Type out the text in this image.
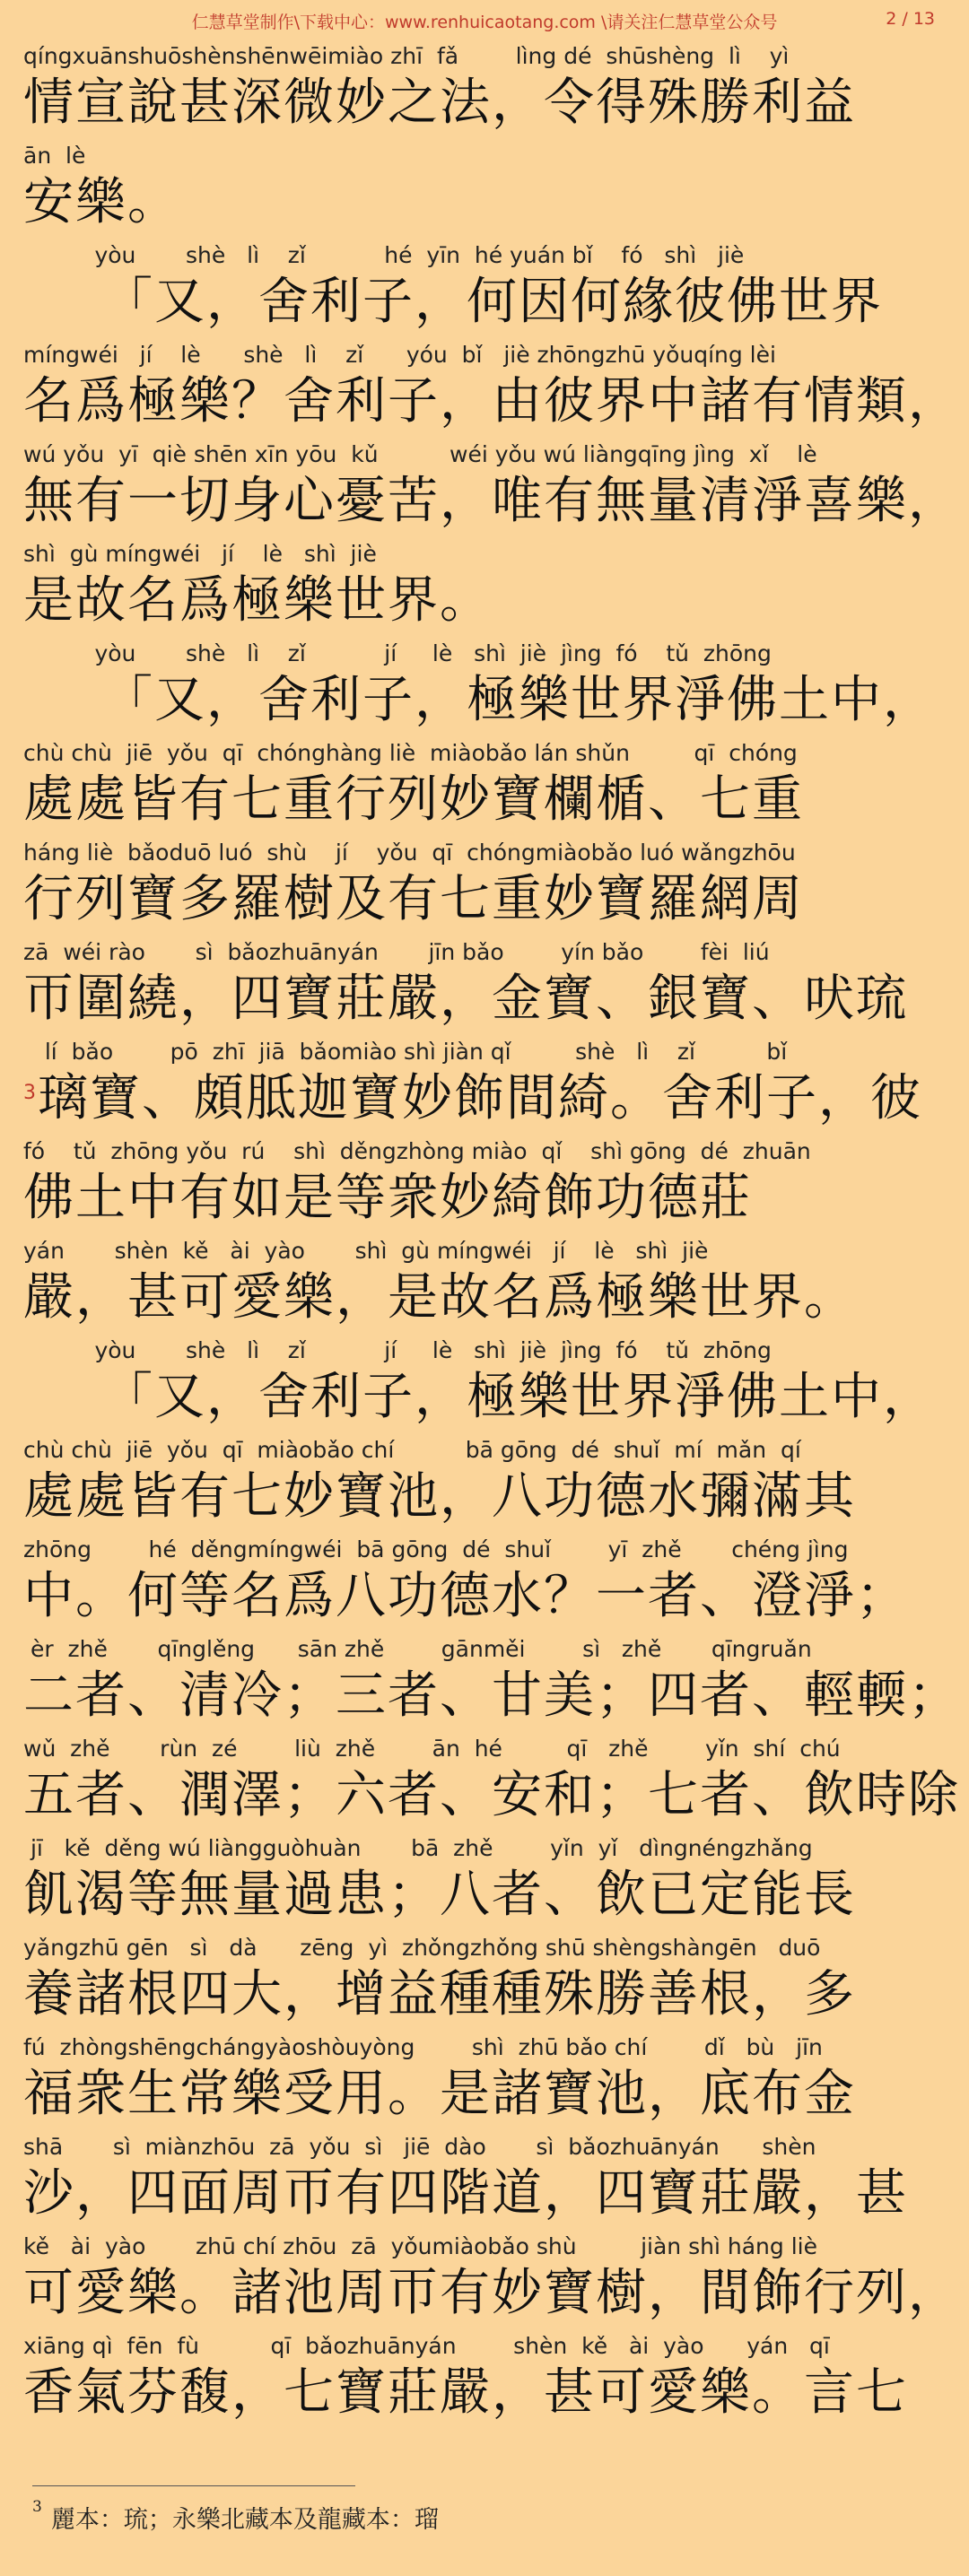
仁慧草堂制作\下载中心：www.renhuicaotang.com \请关注仁慧草堂公众号	2 / 13
qíngxuānshuōshènshēnwēimiào zhī  fǎ        lìng dé  shūshèng  lì    yì
情宣說甚深微妙之法，令得殊勝利益
ān  lè
安樂。
yòu       shè   lì    zǐ           hé  yīn  hé yuán bǐ    fó   shì   jiè
　　「又，舍利子，何因何緣彼佛世界
míngwéi   jí    lè      shè   lì    zǐ      yóu  bǐ   jiè zhōngzhū yǒuqíng lèi
名爲極樂？舍利子，由彼界中諸有情類，
wú yǒu  yī  qiè shēn xīn yōu  kǔ          wéi yǒu wú liàngqīng jìng  xǐ    lè
無有一切身心憂苦，唯有無量清淨喜樂，
shì  gù míngwéi   jí    lè   shì  jiè
是故名爲極樂世界。
yòu       shè   lì    zǐ           jí     lè   shì  jiè  jìng  fó    tǔ  zhōng
　　「又，舍利子，極樂世界淨佛土中，
chù chù  jiē  yǒu  qī  chónghàng liè  miàobǎo lán shǔn         qī  chóng
處處皆有七重行列妙寶欄楯、七重
háng liè  bǎoduō luó  shù    jí    yǒu  qī  chóngmiàobǎo luó wǎngzhōu
行列寶多羅樹及有七重妙寶羅網周
zā  wéi rào       sì  bǎozhuānyán       jīn bǎo        yín bǎo        fèi  liú
帀圍繞，四寶莊嚴，金寶、銀寶、吠琉
lí  bǎo        pō  zhī  jiā  bǎomiào shì jiàn qǐ         shè   lì    zǐ          bǐ
$^3$璃寶、頗胝迦寶妙飾間綺。舍利子，彼
fó    tǔ  zhōng yǒu  rú    shì  děngzhòng miào  qǐ    shì gōng  dé  zhuān
佛土中有如是等衆妙綺飾功德莊
yán       shèn  kě   ài  yào       shì  gù míngwéi   jí    lè   shì  jiè
嚴，甚可愛樂，是故名爲極樂世界。
yòu       shè   lì    zǐ           jí     lè   shì  jiè  jìng  fó    tǔ  zhōng
　　「又，舍利子，極樂世界淨佛土中，
chù chù  jiē  yǒu  qī  miàobǎo chí          bā gōng  dé  shuǐ  mí  mǎn  qí
處處皆有七妙寶池，八功德水彌滿其
zhōng        hé  děngmíngwéi  bā gōng  dé  shuǐ        yī  zhě       chéng jìng
中。何等名爲八功德水？一者、澄淨；
èr  zhě       qīnglěng      sān zhě        gānměi        sì   zhě       qīngruǎn
二者、清冷；三者、甘美；四者、輕輭；
wǔ  zhě       rùn  zé        liù  zhě        ān  hé         qī   zhě        yǐn  shí  chú
五者、潤澤；六者、安和；七者、飲時除
jī   kě  děng wú liàngguòhuàn       bā  zhě        yǐn  yǐ   dìngnéngzhǎng
飢渴等無量過患；八者、飲已定能長
yǎngzhū gēn   sì   dà      zēng  yì  zhǒngzhǒng shū shèngshàngēn   duō
養諸根四大，增益種種殊勝善根，多
fú  zhòngshēngchángyàoshòuyòng        shì  zhū bǎo chí        dǐ   bù   jīn
福衆生常樂受用。是諸寶池，底布金
shā       sì  miànzhōu  zā  yǒu  sì   jiē  dào       sì  bǎozhuānyán      shèn
沙，四面周帀有四階道，四寶莊嚴，甚
kě   ài  yào       zhū chí zhōu  zā  yǒumiàobǎo shù         jiàn shì háng liè
可愛樂。諸池周帀有妙寶樹，間飾行列，
xiāng qì  fēn  fù          qī  bǎozhuānyán        shèn  kě   ài  yào      yán   qī
香氣芬馥，七寶莊嚴，甚可愛樂。言七
$^3$ 麗本：琉；永樂北藏本及龍藏本：瑠
